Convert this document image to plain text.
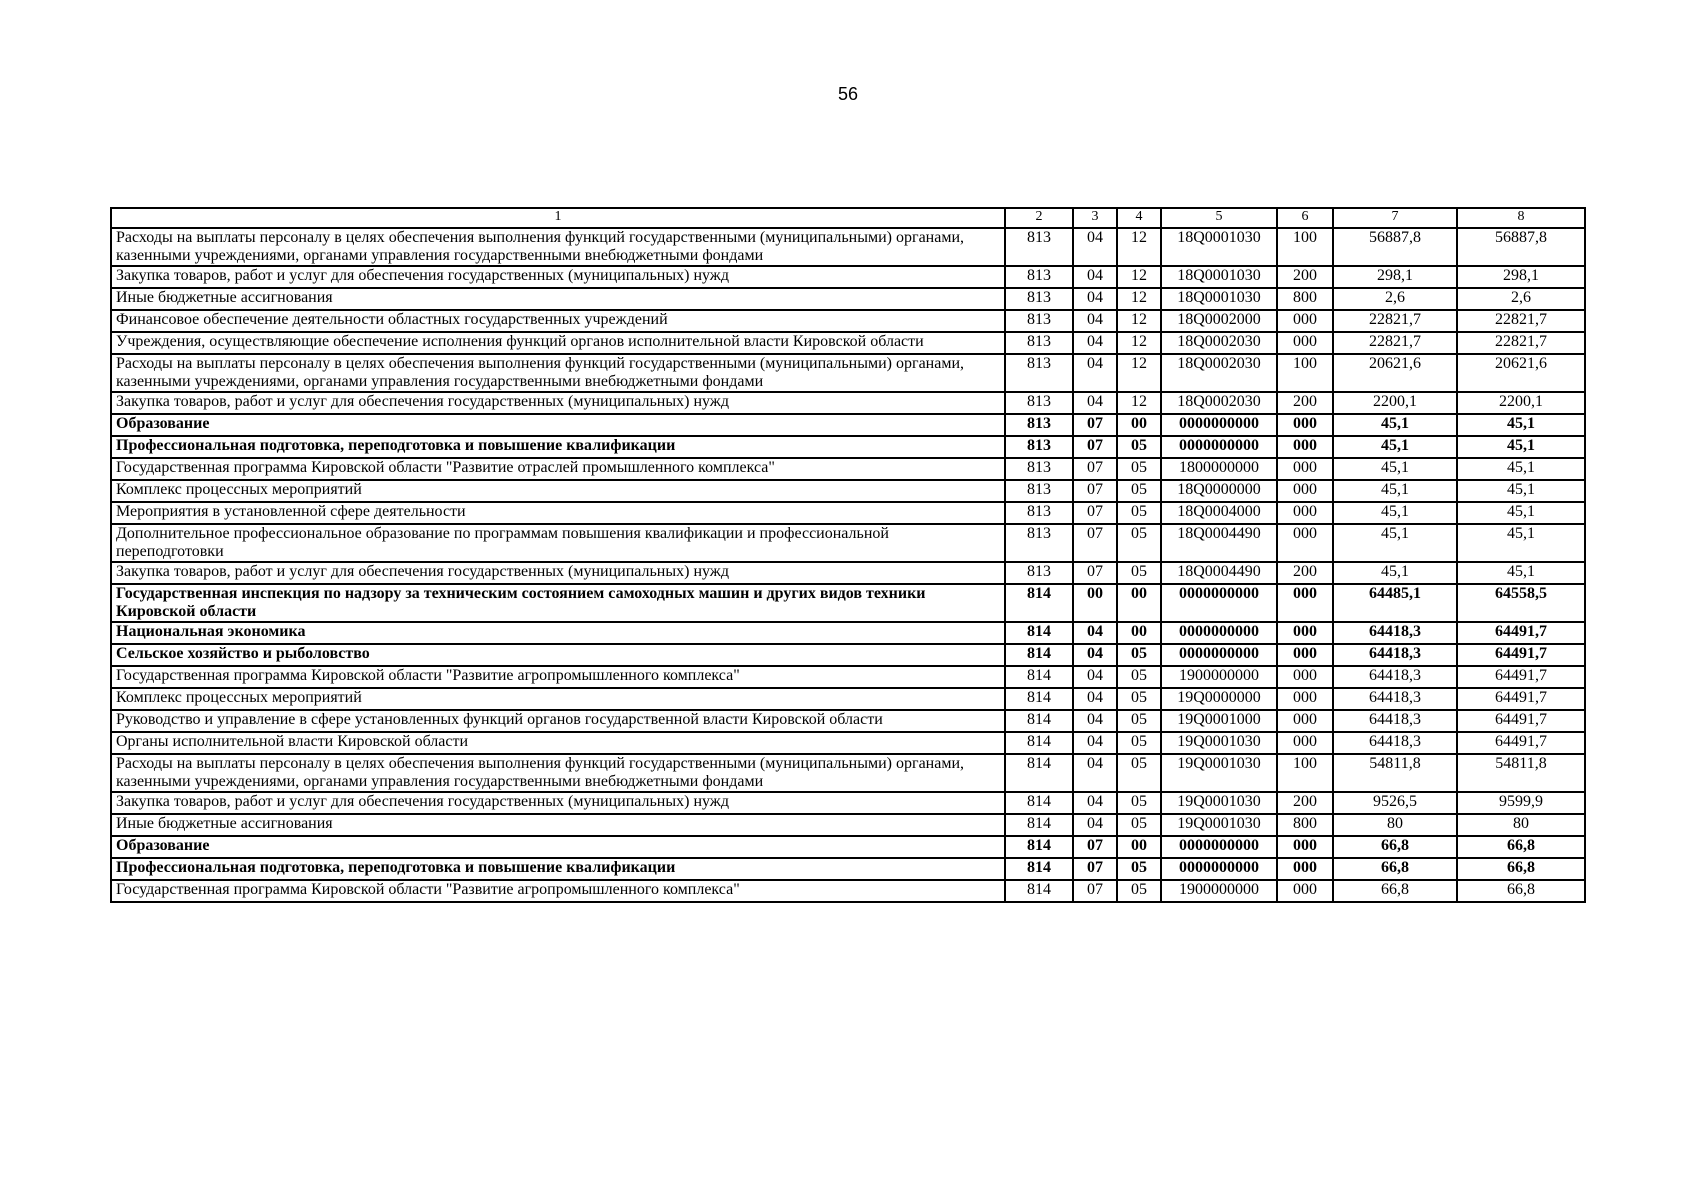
56
1	2	3	4	5	6	7	8
Расходы на выплаты персоналу в целях обеспечения выполнения функций государственными (муниципальными) органами, казенными учреждениями, органами управления государственными внебюджетными фондами	813	04	12	18Q0001030	100	56887,8	56887,8
Закупка товаров, работ и услуг для обеспечения государственных (муниципальных) нужд	813	04	12	18Q0001030	200	298,1	298,1
Иные бюджетные ассигнования	813	04	12	18Q0001030	800	2,6	2,6
Финансовое обеспечение деятельности областных государственных учреждений	813	04	12	18Q0002000	000	22821,7	22821,7
Учреждения, осуществляющие обеспечение исполнения функций органов исполнительной власти Кировской области	813	04	12	18Q0002030	000	22821,7	22821,7
Расходы на выплаты персоналу в целях обеспечения выполнения функций государственными (муниципальными) органами, казенными учреждениями, органами управления государственными внебюджетными фондами	813	04	12	18Q0002030	100	20621,6	20621,6
Закупка товаров, работ и услуг для обеспечения государственных (муниципальных) нужд	813	04	12	18Q0002030	200	2200,1	2200,1
Образование	813	07	00	0000000000	000	45,1	45,1
Профессиональная подготовка, переподготовка и повышение квалификации	813	07	05	0000000000	000	45,1	45,1
Государственная программа Кировской области "Развитие отраслей промышленного комплекса"	813	07	05	1800000000	000	45,1	45,1
Комплекс процессных мероприятий	813	07	05	18Q0000000	000	45,1	45,1
Мероприятия в установленной сфере деятельности	813	07	05	18Q0004000	000	45,1	45,1
Дополнительное профессиональное образование по программам повышения квалификации и профессиональной переподготовки	813	07	05	18Q0004490	000	45,1	45,1
Закупка товаров, работ и услуг для обеспечения государственных (муниципальных) нужд	813	07	05	18Q0004490	200	45,1	45,1
Государственная инспекция по надзору за техническим состоянием самоходных машин и других видов техники Кировской области	814	00	00	0000000000	000	64485,1	64558,5
Национальная экономика	814	04	00	0000000000	000	64418,3	64491,7
Сельское хозяйство и рыболовство	814	04	05	0000000000	000	64418,3	64491,7
Государственная программа Кировской области "Развитие агропромышленного комплекса"	814	04	05	1900000000	000	64418,3	64491,7
Комплекс процессных мероприятий	814	04	05	19Q0000000	000	64418,3	64491,7
Руководство и управление в сфере установленных функций органов государственной власти Кировской области	814	04	05	19Q0001000	000	64418,3	64491,7
Органы исполнительной власти Кировской области	814	04	05	19Q0001030	000	64418,3	64491,7
Расходы на выплаты персоналу в целях обеспечения выполнения функций государственными (муниципальными) органами, казенными учреждениями, органами управления государственными внебюджетными фондами	814	04	05	19Q0001030	100	54811,8	54811,8
Закупка товаров, работ и услуг для обеспечения государственных (муниципальных) нужд	814	04	05	19Q0001030	200	9526,5	9599,9
Иные бюджетные ассигнования	814	04	05	19Q0001030	800	80	80
Образование	814	07	00	0000000000	000	66,8	66,8
Профессиональная подготовка, переподготовка и повышение квалификации	814	07	05	0000000000	000	66,8	66,8
Государственная программа Кировской области "Развитие агропромышленного комплекса"	814	07	05	1900000000	000	66,8	66,8
